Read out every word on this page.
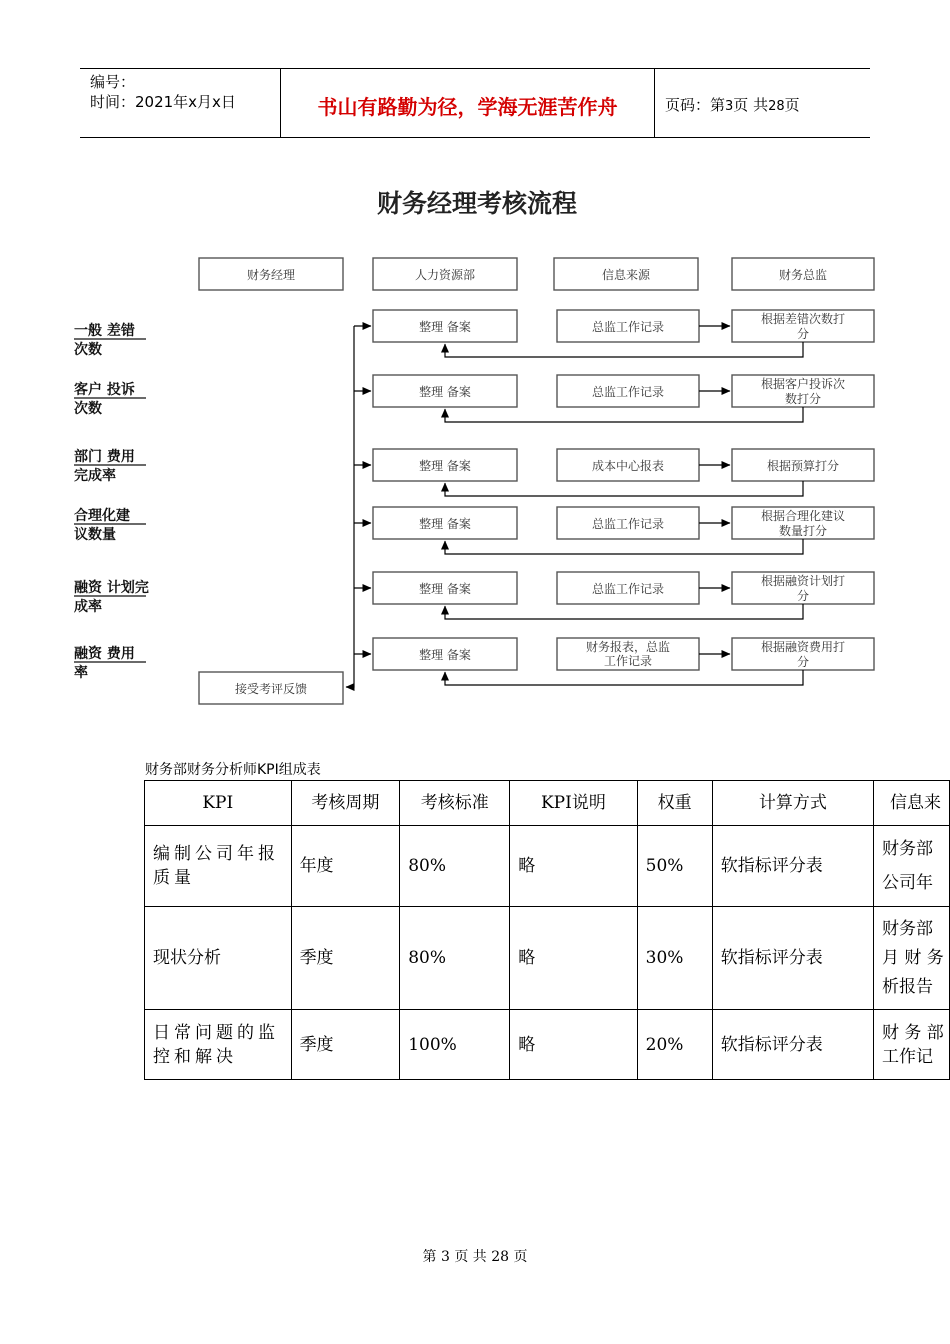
编号：
时间：2021年x月x日	书山有路勤为径，学海无涯苦作舟	页码：第3页 共28页
财务经理考核流程
财务经理	人力资源部	信息来源	财务总监
一般 差错
次数
整理 备案	总监工作记录
根据差错次数打
分
客户 投诉
次数
整理 备案	总监工作记录
根据客户投诉次
数打分
部门 费用
完成率
整理 备案	成本中心报表	根据预算打分
合理化建
议数量
整理 备案	总监工作记录
根据合理化建议
数量打分
融资 计划完
成率
整理 备案	总监工作记录
根据融资计划打
分
融资 费用
率
整理 备案
财务报表，总监
工作记录
根据融资费用打
分
接受考评反馈
财务部财务分析师KPI组成表
KPI	考核周期	考核标准	KPI说明	权重	计算方式	信息来
编制公司年报质量	年度	80%	略	50%	软指标评分表	财务部
公司年

现状分析	季度	80%	略	30%	软指标评分表	财务部
月 财 务
析报告

日常问题的监控和解决	季度	100%	略	20%	软指标评分表	财 务 部
工作记
第 3 页 共 28 页
